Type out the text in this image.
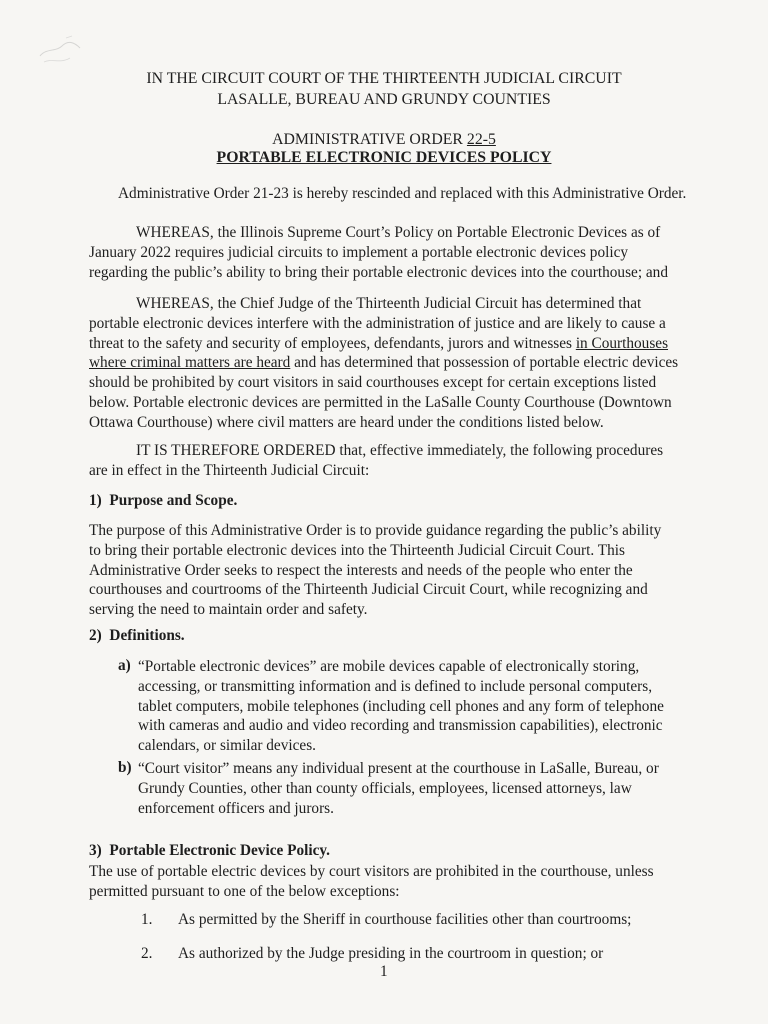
IN THE CIRCUIT COURT OF THE THIRTEENTH JUDICIAL CIRCUIT
LASALLE, BUREAU AND GRUNDY COUNTIES
ADMINISTRATIVE ORDER 22-5
PORTABLE ELECTRONIC DEVICES POLICY
Administrative Order 21-23 is hereby rescinded and replaced with this Administrative Order.
WHEREAS, the Illinois Supreme Court’s Policy on Portable Electronic Devices as of
January 2022 requires judicial circuits to implement a portable electronic devices policy
regarding the public’s ability to bring their portable electronic devices into the courthouse; and
WHEREAS, the Chief Judge of the Thirteenth Judicial Circuit has determined that
portable electronic devices interfere with the administration of justice and are likely to cause a
threat to the safety and security of employees, defendants, jurors and witnesses in Courthouses
where criminal matters are heard and has determined that possession of portable electric devices
should be prohibited by court visitors in said courthouses except for certain exceptions listed
below. Portable electronic devices are permitted in the LaSalle County Courthouse (Downtown
Ottawa Courthouse) where civil matters are heard under the conditions listed below.
IT IS THEREFORE ORDERED that, effective immediately, the following procedures
are in effect in the Thirteenth Judicial Circuit:
1) Purpose and Scope.
The purpose of this Administrative Order is to provide guidance regarding the public’s ability
to bring their portable electronic devices into the Thirteenth Judicial Circuit Court. This
Administrative Order seeks to respect the interests and needs of the people who enter the
courthouses and courtrooms of the Thirteenth Judicial Circuit Court, while recognizing and
serving the need to maintain order and safety.
2) Definitions.
a) “Portable electronic devices” are mobile devices capable of electronically storing,
accessing, or transmitting information and is defined to include personal computers,
tablet computers, mobile telephones (including cell phones and any form of telephone
with cameras and audio and video recording and transmission capabilities), electronic
calendars, or similar devices.
b) “Court visitor” means any individual present at the courthouse in LaSalle, Bureau, or
Grundy Counties, other than county officials, employees, licensed attorneys, law
enforcement officers and jurors.
3) Portable Electronic Device Policy.
The use of portable electric devices by court visitors are prohibited in the courthouse, unless
permitted pursuant to one of the below exceptions:
1. As permitted by the Sheriff in courthouse facilities other than courtrooms;
2. As authorized by the Judge presiding in the courtroom in question; or
1
